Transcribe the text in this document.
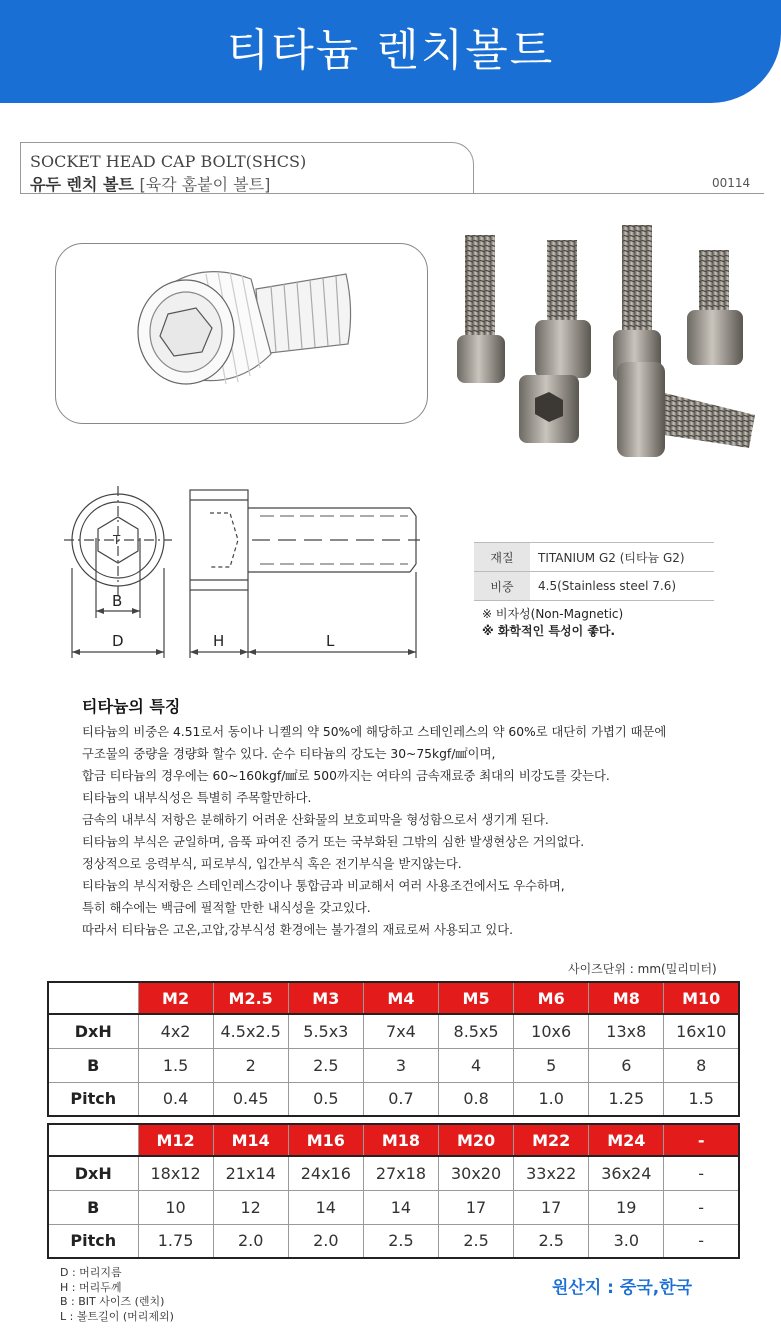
티타늄 렌치볼트
SOCKET HEAD CAP BOLT(SHCS)
유두 렌치 볼트 [육각 홈붙이 볼트]	00114
T
B
D	H	L
재질	TITANIUM G2 (티타늄 G2)
비중	4.5(Stainless steel 7.6)
※ 비자성(Non-Magnetic)
※ 화학적인 특성이 좋다.
티타늄의 특징
티타늄의 비중은 4.51로서 동이나 니켈의 약 50%에 해당하고 스테인레스의 약 60%로 대단히 가볍기 때문에
구조물의 중량을 경량화 할수 있다. 순수 티타늄의 강도는 30~75kgf/㎟이며,
합금 티타늄의 경우에는 60~160kgf/㎟로 500까지는 여타의 금속재료중 최대의 비강도를 갖는다.
티타늄의 내부식성은 특별히 주목할만하다.
금속의 내부식 저항은 분해하기 어려운 산화물의 보호피막을 형성함으로서 생기게 된다.
티타늄의 부식은 균일하며, 음푹 파여진 증거 또는 국부화된 그밖의 심한 발생현상은 거의없다.
정상적으로 응력부식, 피로부식, 입간부식 혹은 전기부식을 받지않는다.
티타늄의 부식저항은 스테인레스강이나 통합금과 비교해서 여러 사용조건에서도 우수하며,
특히 해수에는 백금에 필적할 만한 내식성을 갖고있다.
따라서 티타늄은 고온,고압,강부식성 환경에는 불가결의 재료로써 사용되고 있다.
사이즈단위 : mm(밀리미터)
	M2	M2.5	M3	M4	M5	M6	M8	M10
DxH	4x2	4.5x2.5	5.5x3	7x4	8.5x5	10x6	13x8	16x10
B	1.5	2	2.5	3	4	5	6	8
Pitch	0.4	0.45	0.5	0.7	0.8	1.0	1.25	1.5
	M12	M14	M16	M18	M20	M22	M24	-
DxH	18x12	21x14	24x16	27x18	30x20	33x22	36x24	-
B	10	12	14	14	17	17	19	-
Pitch	1.75	2.0	2.0	2.5	2.5	2.5	3.0	-
D : 머리지름
H : 머리두께
B : BIT 사이즈 (렌치)
L : 볼트길이 (머리제외)
원산지 : 중국,한국
